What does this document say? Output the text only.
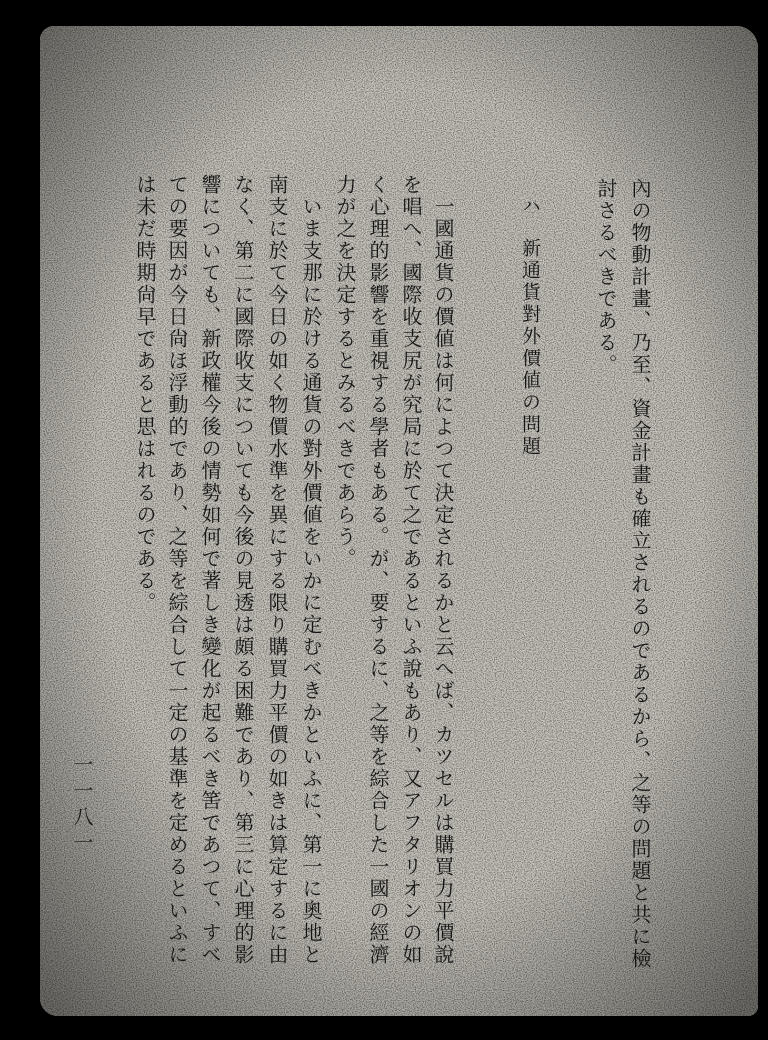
內の物動計畫、乃至、資金計畫も確立されるのであるから、之等の問題と共に檢
討さるべきである。
ハ
新通貨對外價値の問題
一國通貨の價値は何によつて決定されるかと云へば、カツセルは購買力平價說
を唱へ、國際收支尻が究局に於て之であるといふ說もあり、又アフタリオンの如
く心理的影響を重視する學者もある。が、要するに、之等を綜合した一國の經濟
力が之を決定するとみるべきであらう。
いま支那に於ける通貨の對外價値をいかに定むべきかといふに、第一に奧地と
南支に於て今日の如く物價水準を異にする限り購買力平價の如きは算定するに由
なく、第二に國際收支についても今後の見透は頗る困難であり、第三に心理的影
響についても、新政權今後の情勢如何で著しき變化が起るべき筈であつて、すべ
ての要因が今日尙ほ浮動的であり、之等を綜合して一定の基準を定めるといふに
は未だ時期尙早であると思はれるのである。
一一八一
